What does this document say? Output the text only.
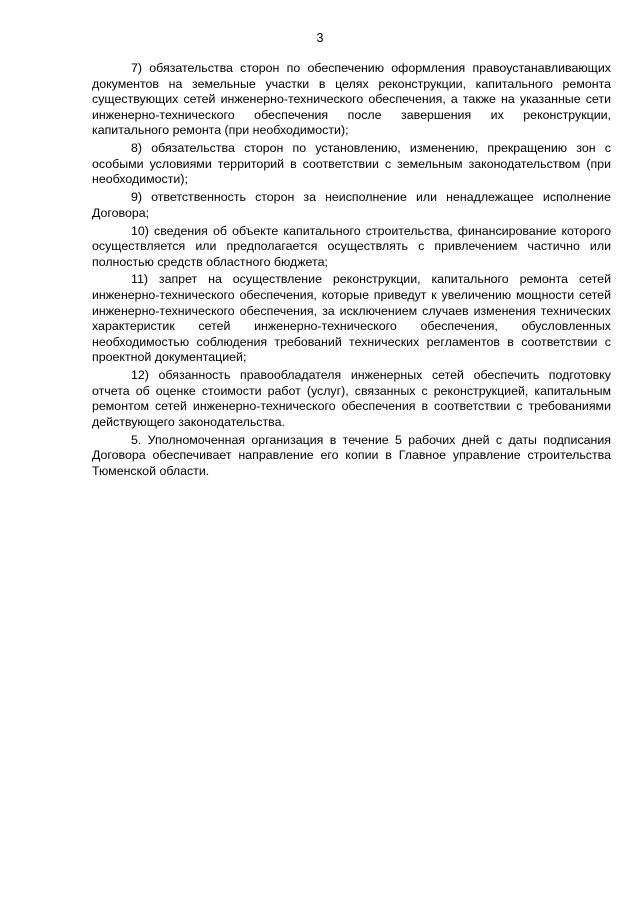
3

7) обязательства сторон по обеспечению оформления правоустанавливающих документов на земельные участки в целях реконструкции, капитального ремонта существующих сетей инженерно-технического обеспечения, а также на указанные сети инженерно-технического обеспечения после завершения их реконструкции, капитального ремонта (при необходимости);

8) обязательства сторон по установлению, изменению, прекращению зон с особыми условиями территорий в соответствии с земельным законодательством (при необходимости);

9) ответственность сторон за неисполнение или ненадлежащее исполнение Договора;

10) сведения об объекте капитального строительства, финансирование которого осуществляется или предполагается осуществлять с привлечением частично или полностью средств областного бюджета;

11) запрет на осуществление реконструкции, капитального ремонта сетей инженерно-технического обеспечения, которые приведут к увеличению мощности сетей инженерно-технического обеспечения, за исключением случаев изменения технических характеристик сетей инженерно-технического обеспечения, обусловленных необходимостью соблюдения требований технических регламентов в соответствии с проектной документацией;

12) обязанность правообладателя инженерных сетей обеспечить подготовку отчета об оценке стоимости работ (услуг), связанных с реконструкцией, капитальным ремонтом сетей инженерно-технического обеспечения в соответствии с требованиями действующего законодательства.

5. Уполномоченная организация в течение 5 рабочих дней с даты подписания Договора обеспечивает направление его копии в Главное управление строительства Тюменской области.
